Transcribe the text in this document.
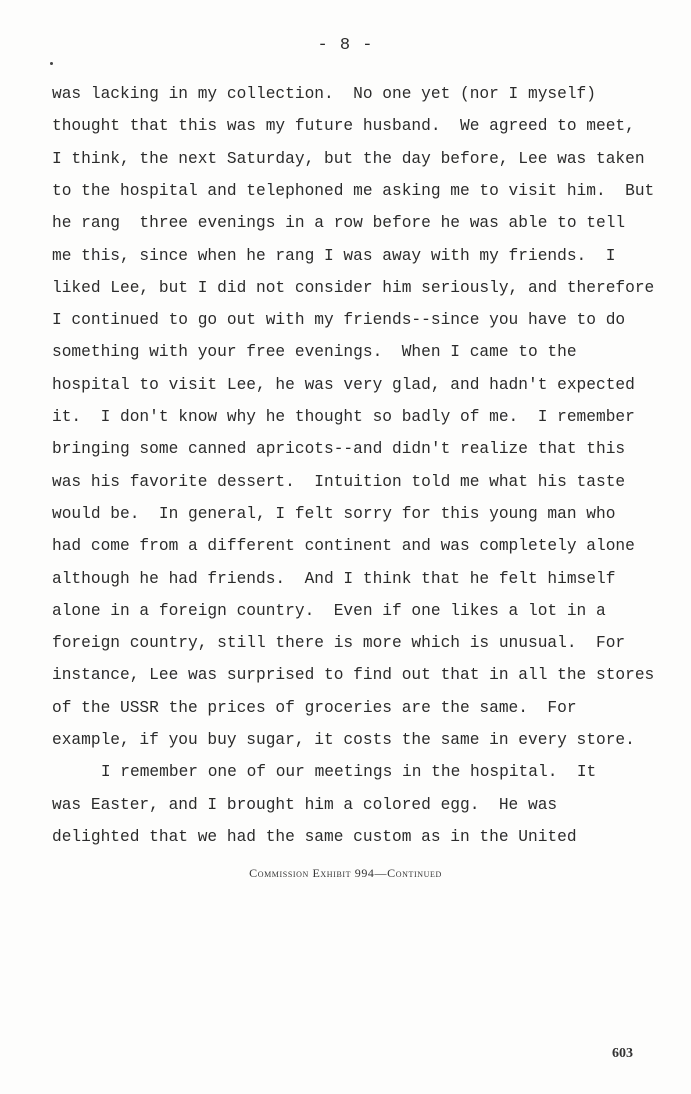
- 8 -
was lacking in my collection.  No one yet (nor I myself)
thought that this was my future husband.  We agreed to meet,
I think, the next Saturday, but the day before, Lee was taken
to the hospital and telephoned me asking me to visit him.  But
he rang  three evenings in a row before he was able to tell
me this, since when he rang I was away with my friends.  I
liked Lee, but I did not consider him seriously, and therefore
I continued to go out with my friends--since you have to do
something with your free evenings.  When I came to the
hospital to visit Lee, he was very glad, and hadn't expected
it.  I don't know why he thought so badly of me.  I remember
bringing some canned apricots--and didn't realize that this
was his favorite dessert.  Intuition told me what his taste
would be.  In general, I felt sorry for this young man who
had come from a different continent and was completely alone
although he had friends.  And I think that he felt himself
alone in a foreign country.  Even if one likes a lot in a
foreign country, still there is more which is unusual.  For
instance, Lee was surprised to find out that in all the stores
of the USSR the prices of groceries are the same.  For
example, if you buy sugar, it costs the same in every store.
I remember one of our meetings in the hospital.  It
was Easter, and I brought him a colored egg.  He was
delighted that we had the same custom as in the United
Commission Exhibit 994—Continued
603
